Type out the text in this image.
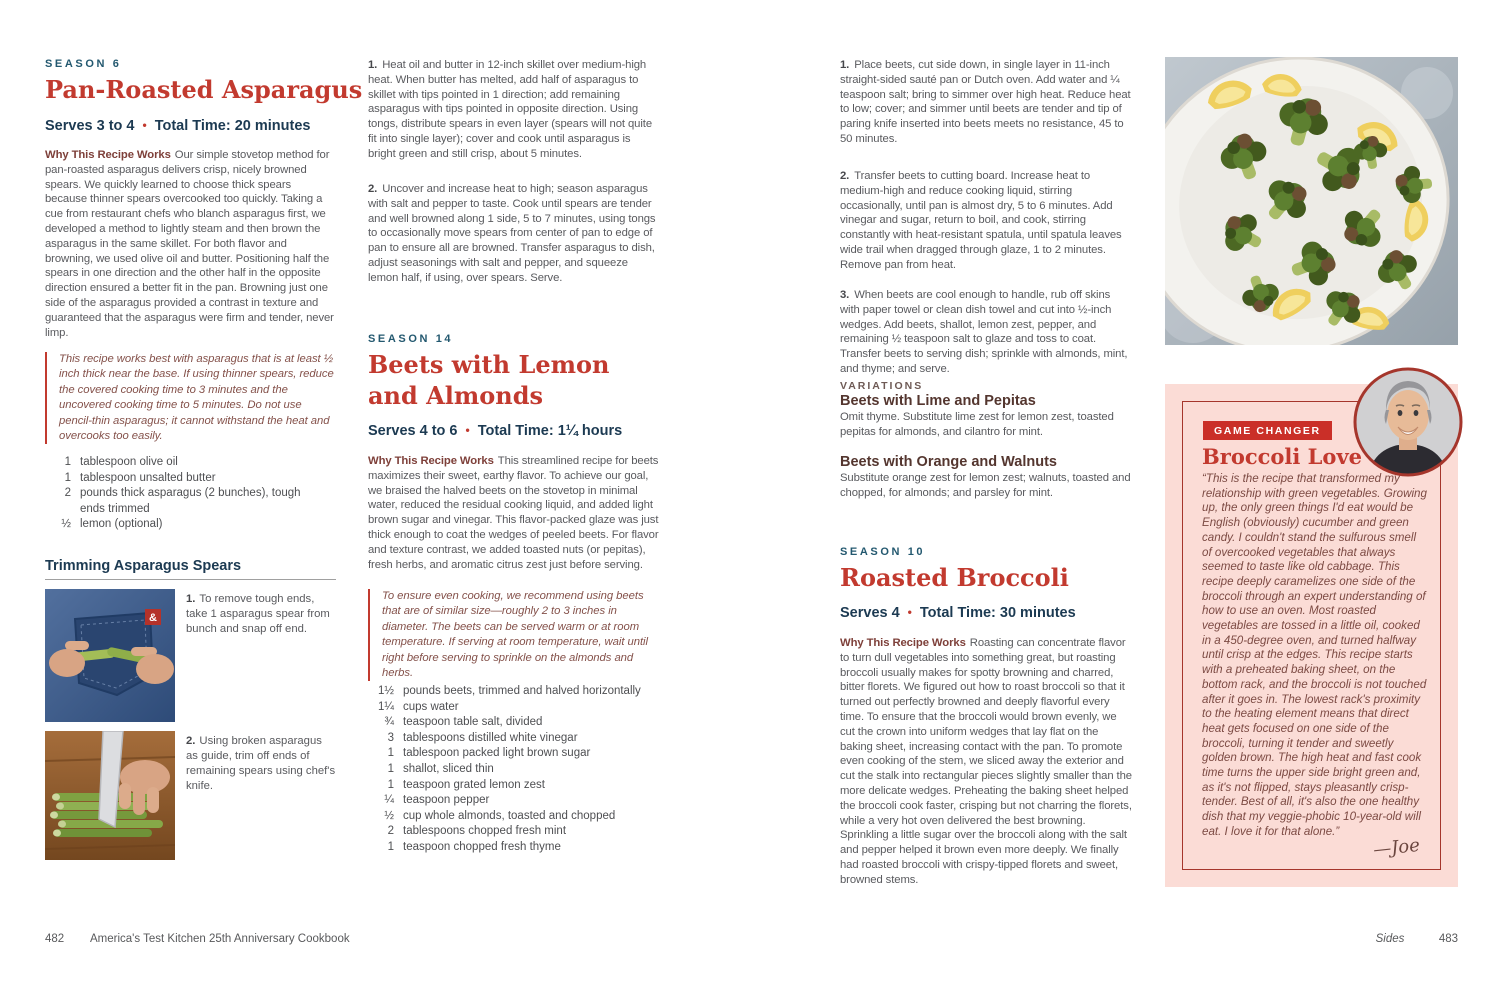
SEASON 6
Pan-Roasted Asparagus
Serves 3 to 4 • Total Time: 20 minutes
Why This Recipe Works Our simple stovetop method for pan-roasted asparagus delivers crisp, nicely browned spears. We quickly learned to choose thick spears because thinner spears overcooked too quickly. Taking a cue from restaurant chefs who blanch asparagus first, we developed a method to lightly steam and then brown the asparagus in the same skillet. For both flavor and browning, we used olive oil and butter. Positioning half the spears in one direction and the other half in the opposite direction ensured a better fit in the pan. Browning just one side of the asparagus provided a contrast in texture and guaranteed that the asparagus were firm and tender, never limp.
This recipe works best with asparagus that is at least ½ inch thick near the base. If using thinner spears, reduce the covered cooking time to 3 minutes and the uncovered cooking time to 5 minutes. Do not use pencil-thin asparagus; it cannot withstand the heat and overcooks too easily.
1 tablespoon olive oil
1 tablespoon unsalted butter
2 pounds thick asparagus (2 bunches), tough ends trimmed
½ lemon (optional)
Trimming Asparagus Spears
&
1. To remove tough ends, take 1 asparagus spear from bunch and snap off end.
2. Using broken asparagus as guide, trim off ends of remaining spears using chef's knife.
1. Heat oil and butter in 12-inch skillet over medium-high heat. When butter has melted, add half of asparagus to skillet with tips pointed in 1 direction; add remaining asparagus with tips pointed in opposite direction. Using tongs, distribute spears in even layer (spears will not quite fit into single layer); cover and cook until asparagus is bright green and still crisp, about 5 minutes.
2. Uncover and increase heat to high; season asparagus with salt and pepper to taste. Cook until spears are tender and well browned along 1 side, 5 to 7 minutes, using tongs to occasionally move spears from center of pan to edge of pan to ensure all are browned. Transfer asparagus to dish, adjust seasonings with salt and pepper, and squeeze lemon half, if using, over spears. Serve.
SEASON 14
Beets with Lemon
and Almonds
Serves 4 to 6 • Total Time: 1¼ hours
Why This Recipe Works This streamlined recipe for beets maximizes their sweet, earthy flavor. To achieve our goal, we braised the halved beets on the stovetop in minimal water, reduced the residual cooking liquid, and added light brown sugar and vinegar. This flavor-packed glaze was just thick enough to coat the wedges of peeled beets. For flavor and texture contrast, we added toasted nuts (or pepitas), fresh herbs, and aromatic citrus zest just before serving.
To ensure even cooking, we recommend using beets that are of similar size—roughly 2 to 3 inches in diameter. The beets can be served warm or at room temperature. If serving at room temperature, wait until right before serving to sprinkle on the almonds and herbs.
1½ pounds beets, trimmed and halved horizontally
1¼ cups water
¾ teaspoon table salt, divided
3 tablespoons distilled white vinegar
1 tablespoon packed light brown sugar
1 shallot, sliced thin
1 teaspoon grated lemon zest
¼ teaspoon pepper
½ cup whole almonds, toasted and chopped
2 tablespoons chopped fresh mint
1 teaspoon chopped fresh thyme
1. Place beets, cut side down, in single layer in 11-inch straight-sided sauté pan or Dutch oven. Add water and ¼ teaspoon salt; bring to simmer over high heat. Reduce heat to low; cover; and simmer until beets are tender and tip of paring knife inserted into beets meets no resistance, 45 to 50 minutes.
2. Transfer beets to cutting board. Increase heat to medium-high and reduce cooking liquid, stirring occasionally, until pan is almost dry, 5 to 6 minutes. Add vinegar and sugar, return to boil, and cook, stirring constantly with heat-resistant spatula, until spatula leaves wide trail when dragged through glaze, 1 to 2 minutes. Remove pan from heat.
3. When beets are cool enough to handle, rub off skins with paper towel or clean dish towel and cut into ½-inch wedges. Add beets, shallot, lemon zest, pepper, and remaining ½ teaspoon salt to glaze and toss to coat. Transfer beets to serving dish; sprinkle with almonds, mint, and thyme; and serve.
VARIATIONS
Beets with Lime and Pepitas
Omit thyme. Substitute lime zest for lemon zest, toasted pepitas for almonds, and cilantro for mint.
Beets with Orange and Walnuts
Substitute orange zest for lemon zest; walnuts, toasted and chopped, for almonds; and parsley for mint.
SEASON 10
Roasted Broccoli
Serves 4 • Total Time: 30 minutes
Why This Recipe Works Roasting can concentrate flavor to turn dull vegetables into something great, but roasting broccoli usually makes for spotty browning and charred, bitter florets. We figured out how to roast broccoli so that it turned out perfectly browned and deeply flavorful every time. To ensure that the broccoli would brown evenly, we cut the crown into uniform wedges that lay flat on the baking sheet, increasing contact with the pan. To promote even cooking of the stem, we sliced away the exterior and cut the stalk into rectangular pieces slightly smaller than the more delicate wedges. Preheating the baking sheet helped the broccoli cook faster, crisping but not charring the florets, while a very hot oven delivered the best browning. Sprinkling a little sugar over the broccoli along with the salt and pepper helped it brown even more deeply. We finally had roasted broccoli with crispy-tipped florets and sweet, browned stems.
GAME CHANGER
Broccoli Love
“This is the recipe that transformed my relationship with green vegetables. Growing up, the only green things I'd eat would be English (obviously) cucumber and green candy. I couldn't stand the sulfurous smell of overcooked vegetables that always seemed to taste like old cabbage. This recipe deeply caramelizes one side of the broccoli through an expert understanding of how to use an oven. Most roasted vegetables are tossed in a little oil, cooked in a 450-degree oven, and turned halfway until crisp at the edges. This recipe starts with a preheated baking sheet, on the bottom rack, and the broccoli is not touched after it goes in. The lowest rack's proximity to the heating element means that direct heat gets focused on one side of the broccoli, turning it tender and sweetly golden brown. The high heat and fast cook time turns the upper side bright green and, as it's not flipped, stays pleasantly crisp-tender. Best of all, it's also the one healthy dish that my veggie-phobic 10-year-old will eat. I love it for that alone.”
—Joe
482 America's Test Kitchen 25th Anniversary Cookbook	Sides	483
